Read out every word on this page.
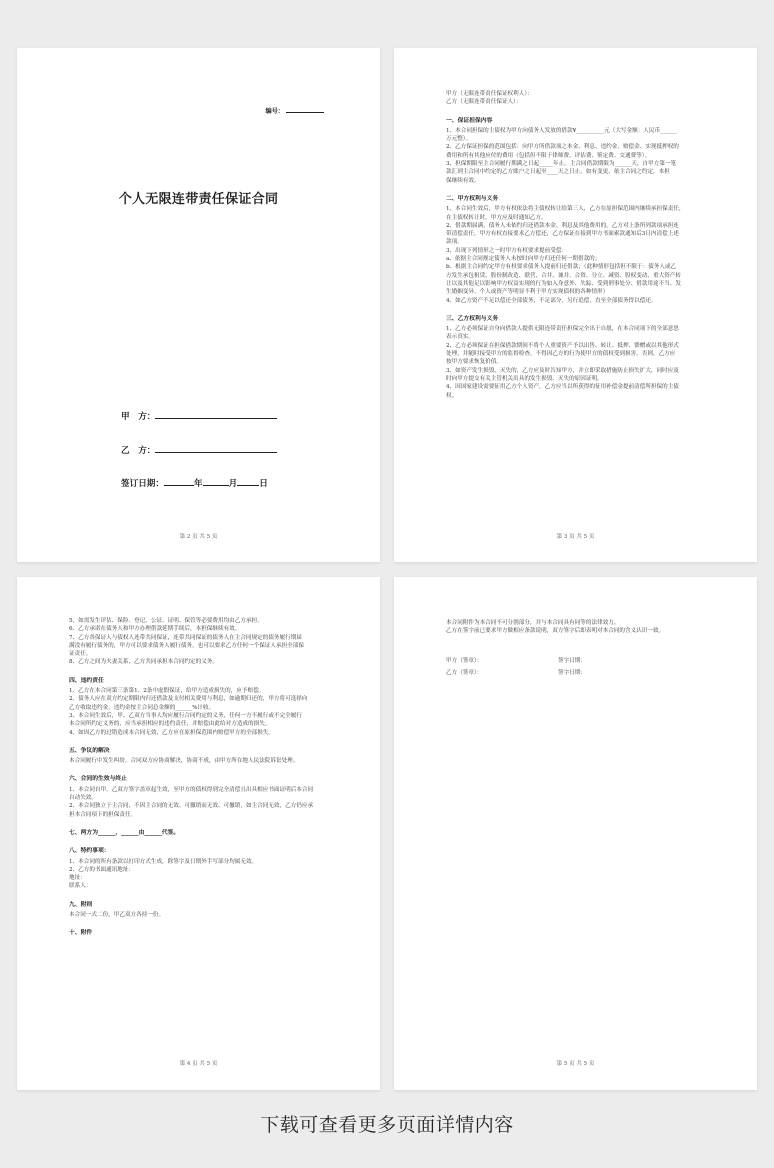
编号：
个人无限连带责任保证合同
甲　方：
乙　方：
签订日期：	年	月	日
第 2 页 共 5 页
甲方（无限连带责任保证权利人）：
乙方（无限连带责任保证人）：
一、保证担保内容
1、本合同担保的主债权为甲方向债务人发放的借款¥__________元（大写金额：人民币______
万元整）。
2、乙方保证担保的范围包括：向甲方所借款项之本金、利息、违约金、赔偿金、实现抵押权的
费用和所有其他应付的费用（包括但不限于律师费、评估费、鉴定费、交通费等）。
3、担保期限至主合同履行期满之日起_____年止。主合同借款期限为______天，自甲方第一笔
款汇到主合同中约定的乙方账户之日起至____天之日止，如有变更，依主合同之约定，本担
保继续有效。
二、甲方权利与义务
1、本合同生效后，甲方有权依法将主债权转让给第三人，乙方在原担保范围内继续承担保责任，
在主债权转让时，甲方应及时通知乙方。
2、借款期届满，债务人未依约归还借款本金、利息及其他费用的，乙方对上条所列款项承担连
带清偿责任，甲方有权直接要求乙方偿还，乙方保证在接到甲方书面索款通知后3日内清偿上述
款项。
3、出现下列情形之一时甲方有权要求提前受偿：
a、依据主合同规定债务人未按时向甲方归还任何一期借款的；
b、根据主合同约定甲方有权要求债务人提前归还借款；（此种情形包括但不限于：债务人或乙
方发生承包租赁、股份制改造、联营、合并、兼并、合资、分立、减资、股权变动、重大资产转
让以及其他足以影响甲方权益实现的行为如入身意外、失踪、受到刑事处分、借款用途不当、发
生婚姻变异、个人或资产等明显不利于甲方实现债权的各种情形）
4、如乙方资产不足以偿还全部债务，不足部分，另行追偿，直至全部债务得以偿还。
三、乙方权利与义务
1、乙方必须保证自身向借款人提供无限连带责任担保完全出于自愿，在本合同项下的全部意思
表示真实。
2、乙方必须保证在担保借款期间不将个人重要资产予以出售、转让、抵押、馈赠或以其他形式
处理，并随时接受甲方的监督检查。不得因乙方的行为使甲方的债权受到损害。否则，乙方应
按甲方要求恢复价值。
3、如资产发生损毁、灭失的，乙方应及时告知甲方，并立即采取措施防止损失扩大，同时应及
时向甲方提交有关主管机关出具的发生损毁、灭失的原因证明。
4、因国家建设需要征用乙方个人资产，乙方应当以所获得的征用补偿金提前清偿所担保的主债
权。
第 3 页 共 5 页
5、如需发生评估、保险、登记、公证、证明、保管等必要费用均由乙方承担。
6、乙方承诺在债务人和甲方办理借款延期手续后，本担保继续有效。
7、乙方各保证人与债权人连带共同保证，连带共同保证的债务人在主合同规定的债务履行期届
满没有履行债务的，甲方可以要求债务人履行债务，也可以要求乙方任何一个保证人承担全部保
证责任。
8、乙方之间为夫妻关系，乙方共同承担本合同约定的义务。
四、违约责任
1、乙方在本合同第三条第1、2条中虚假保证，给甲方造成损失的，应予赔偿。
2、债务人应在双方约定期限内归还借款及支付相关费用与利息，如逾期归还的，甲方将可选择向
乙方收取违约金，违约金按主合同总金额的______%计收。
3、本合同生效后，甲、乙双方当事人均应履行合同约定的义务，任何一方不履行或不完全履行
本合同所约定义务的，应当承担相应的违约责任，并赔偿由此给对方造成的损失。
4、如因乙方的过错造成本合同无效，乙方应在原担保范围内赔偿甲方的全部损失。
五、争议的解决
本合同履行中发生纠纷，合同双方应协商解决，协商不成，由甲方所在地人民法院诉讼处理。
六、合同的生效与终止
1、本合同自甲、乙双方签字盖章起生效，至甲方的债权得到完全清偿且出具相应书面证明后本合同
自动失效。
2、本合同独立于主合同，不因主合同的无效、可撤销而无效、可撤销，如主合同无效，乙方仍应承
担本合同项下的担保责任。
七、两方为______，______由______代签。
八、特约事项：
1、本合同的所有条款以打印方式生成，除签字及日期外手写部分均属无效。
2、乙方的书面通讯地址：
地址：
联系人：
九、附则
本合同一式二份，甲乙双方各持一份。
十、附件
第 4 页 共 5 页
本合同附件为本合同不可分割部分，并与本合同具有同等的法律效力。
乙方在签字前已要求甲方做相应条款说明，双方签字后即表明对本合同的含义认识一致。
甲方（签章）：	签字日期：
乙方（签章）：	签字日期：
第 5 页 共 5 页
下载可查看更多页面详情内容
